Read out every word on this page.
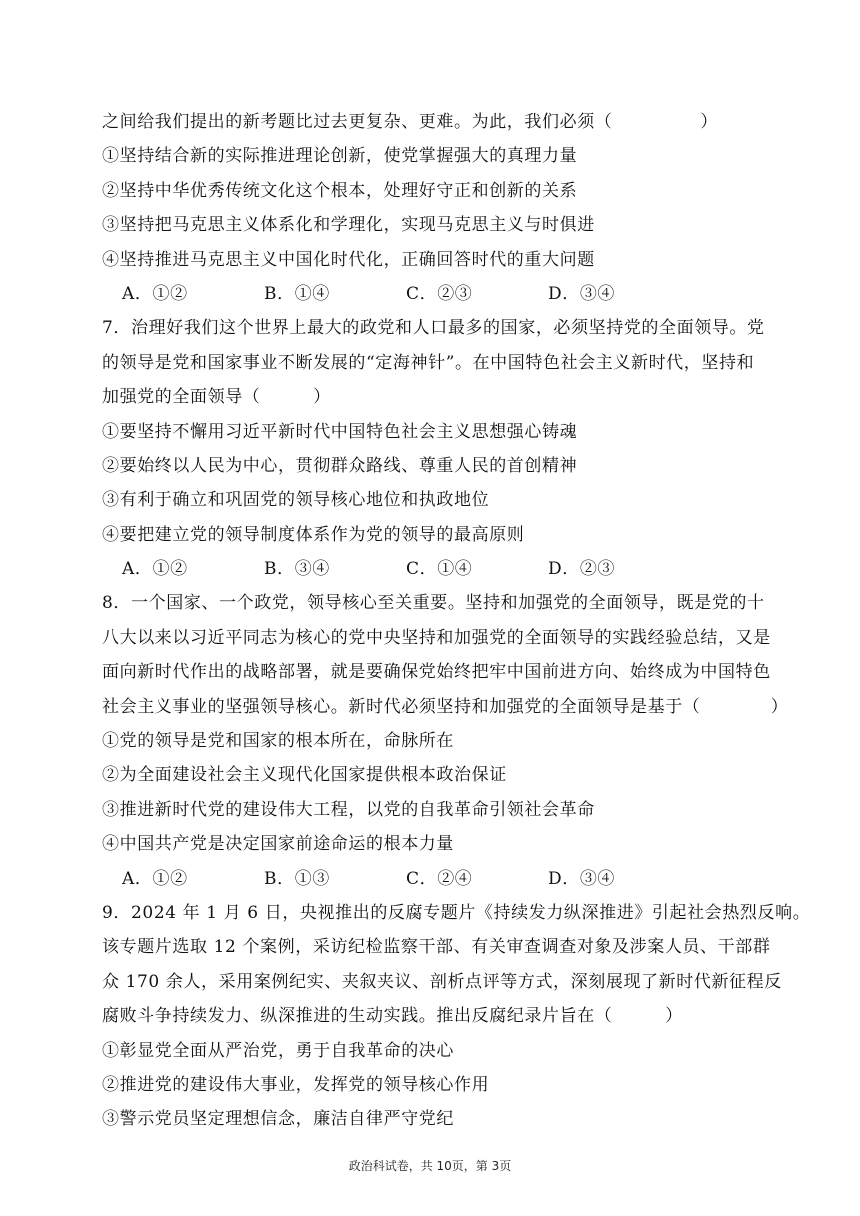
之间给我们提出的新考题比过去更复杂、更难。为此，我们必须（　　　　　）
①坚持结合新的实际推进理论创新，使党掌握强大的真理力量
②坚持中华优秀传统文化这个根本，处理好守正和创新的关系
③坚持把马克思主义体系化和学理化，实现马克思主义与时俱进
④坚持推进马克思主义中国化时代化，正确回答时代的重大问题
A．①②	B．①④	C．②③	D．③④
7．治理好我们这个世界上最大的政党和人口最多的国家，必须坚持党的全面领导。党
的领导是党和国家事业不断发展的“定海神针”。在中国特色社会主义新时代，坚持和
加强党的全面领导（　　　）
①要坚持不懈用习近平新时代中国特色社会主义思想强心铸魂
②要始终以人民为中心，贯彻群众路线、尊重人民的首创精神
③有利于确立和巩固党的领导核心地位和执政地位
④要把建立党的领导制度体系作为党的领导的最高原则
A．①②	B．③④	C．①④	D．②③
8．一个国家、一个政党，领导核心至关重要。坚持和加强党的全面领导，既是党的十
八大以来以习近平同志为核心的党中央坚持和加强党的全面领导的实践经验总结，又是
面向新时代作出的战略部署，就是要确保党始终把牢中国前进方向、始终成为中国特色
社会主义事业的坚强领导核心。新时代必须坚持和加强党的全面领导是基于（　　　　）
①党的领导是党和国家的根本所在，命脉所在
②为全面建设社会主义现代化国家提供根本政治保证
③推进新时代党的建设伟大工程，以党的自我革命引领社会革命
④中国共产党是决定国家前途命运的根本力量
A．①②	B．①③	C．②④	D．③④
9．2024 年 1 月 6 日，央视推出的反腐专题片《持续发力纵深推进》引起社会热烈反响。
该专题片选取 12 个案例，采访纪检监察干部、有关审查调查对象及涉案人员、干部群
众 170 余人，采用案例纪实、夹叙夹议、剖析点评等方式，深刻展现了新时代新征程反
腐败斗争持续发力、纵深推进的生动实践。推出反腐纪录片旨在（　　　）
①彰显党全面从严治党，勇于自我革命的决心
②推进党的建设伟大事业，发挥党的领导核心作用
③警示党员坚定理想信念，廉洁自律严守党纪
政治科试卷，共 10页，第 3页
